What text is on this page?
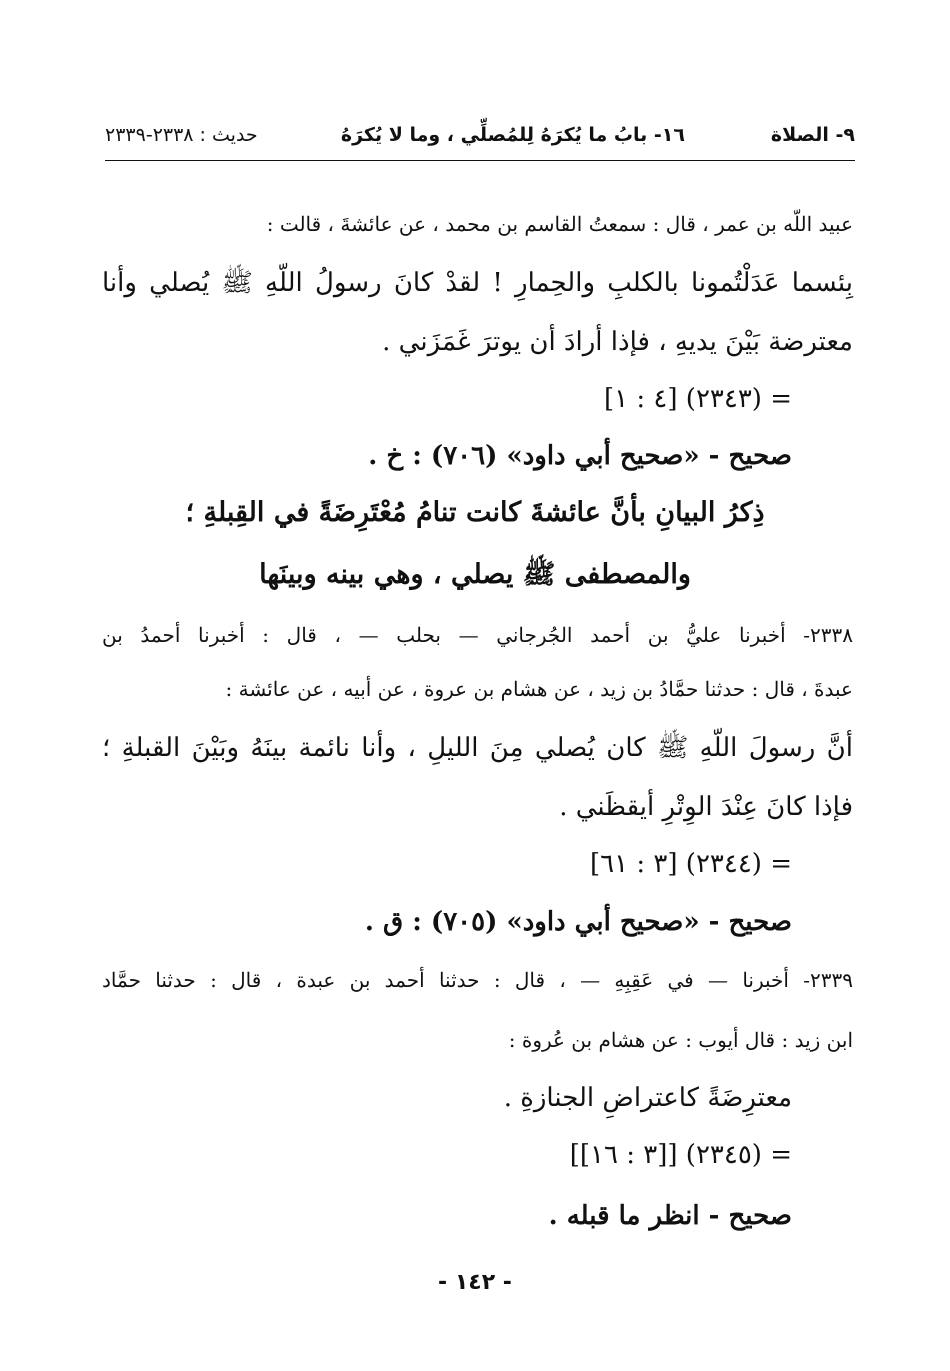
٩- الصلاة
١٦- بابُ ما يُكرَهُ لِلمُصلِّي ، وما لا يُكرَهُ
حديث : ٢٣٣٨-٢٣٣٩
عبيد اللّه بن عمر ، قال : سمعتُ القاسم بن محمد ، عن عائشةَ ، قالت :
بِئسما عَدَلْتُمونا بالكلبِ والحِمارِ ! لقدْ كانَ رسولُ اللّهِ ﷺ يُصلي وأنا
معترضة بَيْنَ يديهِ ، فإذا أرادَ أن يوترَ غَمَزَني .
= (٢٣٤٣) [٤ : ١]
صحيح - «صحيح أبي داود» (٧٠٦) : خ .
ذِكرُ البيانِ بأنَّ عائشةَ كانت تنامُ مُعْتَرِضَةً في القِبلةِ ؛
والمصطفى ﷺ يصلي ، وهي بينه وبينَها
٢٣٣٨- أخبرنا عليُّ بن أحمد الجُرجاني — بحلب — ، قال : أخبرنا أحمدُ بن
عبدةَ ، قال : حدثنا حمَّادُ بن زيد ، عن هشام بن عروة ، عن أبيه ، عن عائشة :
أنَّ رسولَ اللّهِ ﷺ كان يُصلي مِنَ الليلِ ، وأنا نائمة بينَهُ وبَيْنَ القبلةِ ؛
فإذا كانَ عِنْدَ الوِتْرِ أيقظَني .
= (٢٣٤٤) [٣ : ٦١]
صحيح - «صحيح أبي داود» (٧٠٥) : ق .
٢٣٣٩- أخبرنا — في عَقِبِهِ — ، قال : حدثنا أحمد بن عبدة ، قال : حدثنا حمَّاد
ابن زيد : قال أيوب : عن هشام بن عُروة :
معترِضَةً كاعتراضِ الجنازةِ .
= (٢٣٤٥) [[٣ : ١٦]]
صحيح - انظر ما قبله .
- ١٤٢ -
